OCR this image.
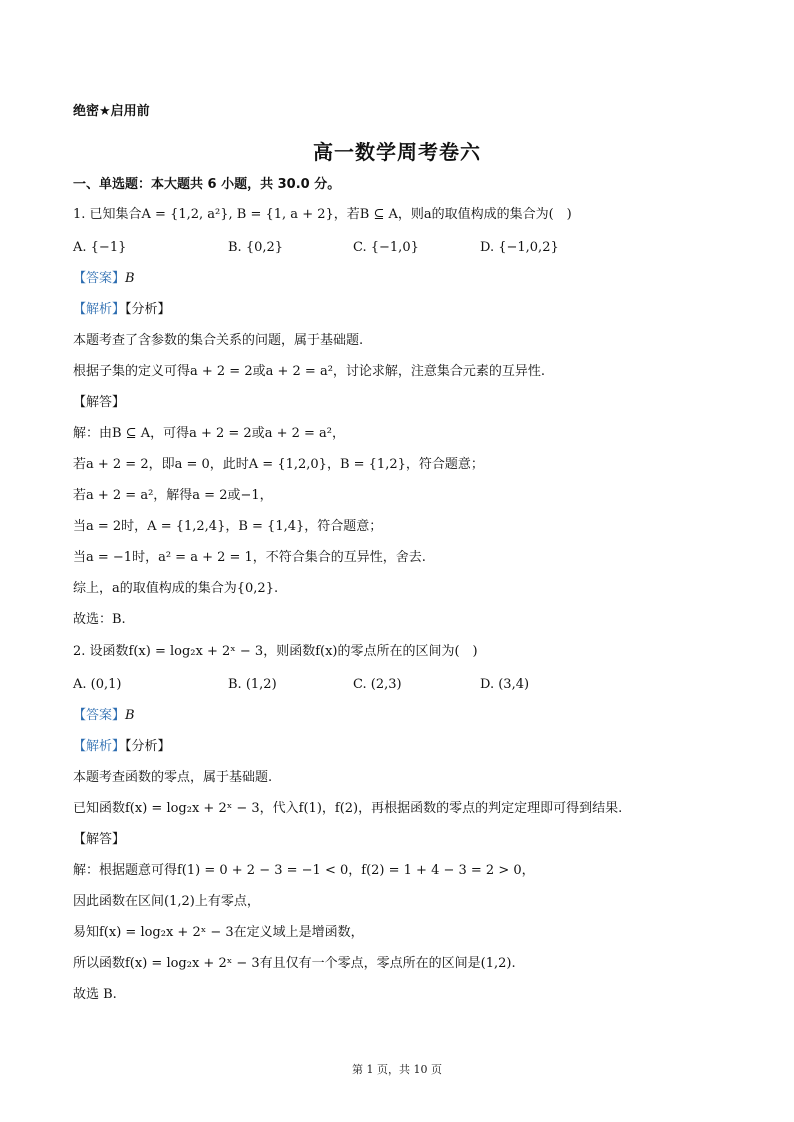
绝密★启用前
高一数学周考卷六
一、单选题：本大题共 6 小题，共 30.0 分。
1. 已知集合A = {1,2, a²}, B = {1, a + 2}，若B ⊆ A，则a的取值构成的集合为(　)
A. {−1}	B. {0,2}	C. {−1,0}	D. {−1,0,2}
【答案】B
【解析】【分析】
本题考查了含参数的集合关系的问题，属于基础题.
根据子集的定义可得a + 2 = 2或a + 2 = a²，讨论求解，注意集合元素的互异性.
【解答】
解：由B ⊆ A，可得a + 2 = 2或a + 2 = a²，
若a + 2 = 2，即a = 0，此时A = {1,2,0}，B = {1,2}，符合题意；
若a + 2 = a²，解得a = 2或−1，
当a = 2时，A = {1,2,4}，B = {1,4}，符合题意；
当a = −1时，a² = a + 2 = 1，不符合集合的互异性，舍去.
综上，a的取值构成的集合为{0,2}.
故选：B.
2. 设函数f(x) = log₂x + 2ˣ − 3，则函数f(x)的零点所在的区间为(　)
A. (0,1)	B. (1,2)	C. (2,3)	D. (3,4)
【答案】B
【解析】【分析】
本题考查函数的零点，属于基础题.
已知函数f(x) = log₂x + 2ˣ − 3，代入f(1)，f(2)，再根据函数的零点的判定定理即可得到结果.
【解答】
解：根据题意可得f(1) = 0 + 2 − 3 = −1 < 0，f(2) = 1 + 4 − 3 = 2 > 0，
因此函数在区间(1,2)上有零点，
易知f(x) = log₂x + 2ˣ − 3在定义域上是增函数，
所以函数f(x) = log₂x + 2ˣ − 3有且仅有一个零点，零点所在的区间是(1,2).
故选 B.
第 1 页，共 10 页
